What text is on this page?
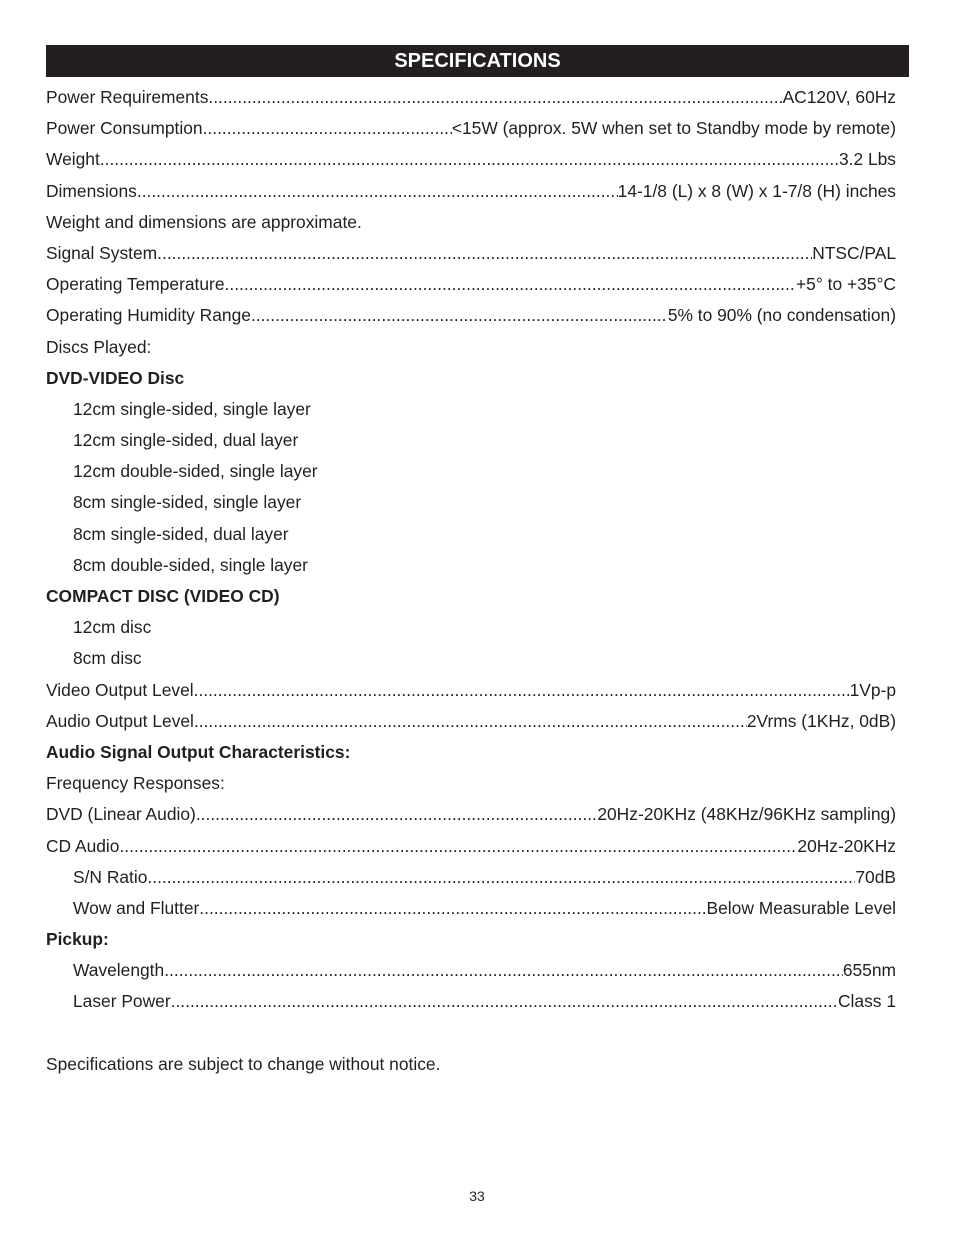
SPECIFICATIONS
Power Requirements .....	AC120V, 60Hz
Power Consumption .....	<15W (approx. 5W when set to Standby mode by remote)
Weight .....	3.2 Lbs
Dimensions .....	14-1/8 (L) x 8 (W) x 1-7/8 (H) inches
Weight and dimensions are approximate.
Signal System .....	NTSC/PAL
Operating Temperature .....	+5° to +35°C
Operating Humidity Range .....	5% to 90% (no condensation)
Discs Played:
DVD-VIDEO Disc
12cm single-sided, single layer
12cm single-sided, dual layer
12cm double-sided, single layer
8cm single-sided, single layer
8cm single-sided, dual layer
8cm double-sided, single layer
COMPACT DISC (VIDEO CD)
12cm disc
8cm disc
Video Output Level .....	1Vp-p
Audio Output Level .....	2Vrms (1KHz, 0dB)
Audio Signal Output Characteristics:
Frequency Responses:
DVD (Linear Audio) .....	20Hz-20KHz (48KHz/96KHz sampling)
CD Audio .....	20Hz-20KHz
S/N Ratio .....	70dB
Wow and Flutter .....	Below Measurable Level
Pickup:
Wavelength .....	655nm
Laser Power .....	Class 1
Specifications are subject to change without notice.
33
